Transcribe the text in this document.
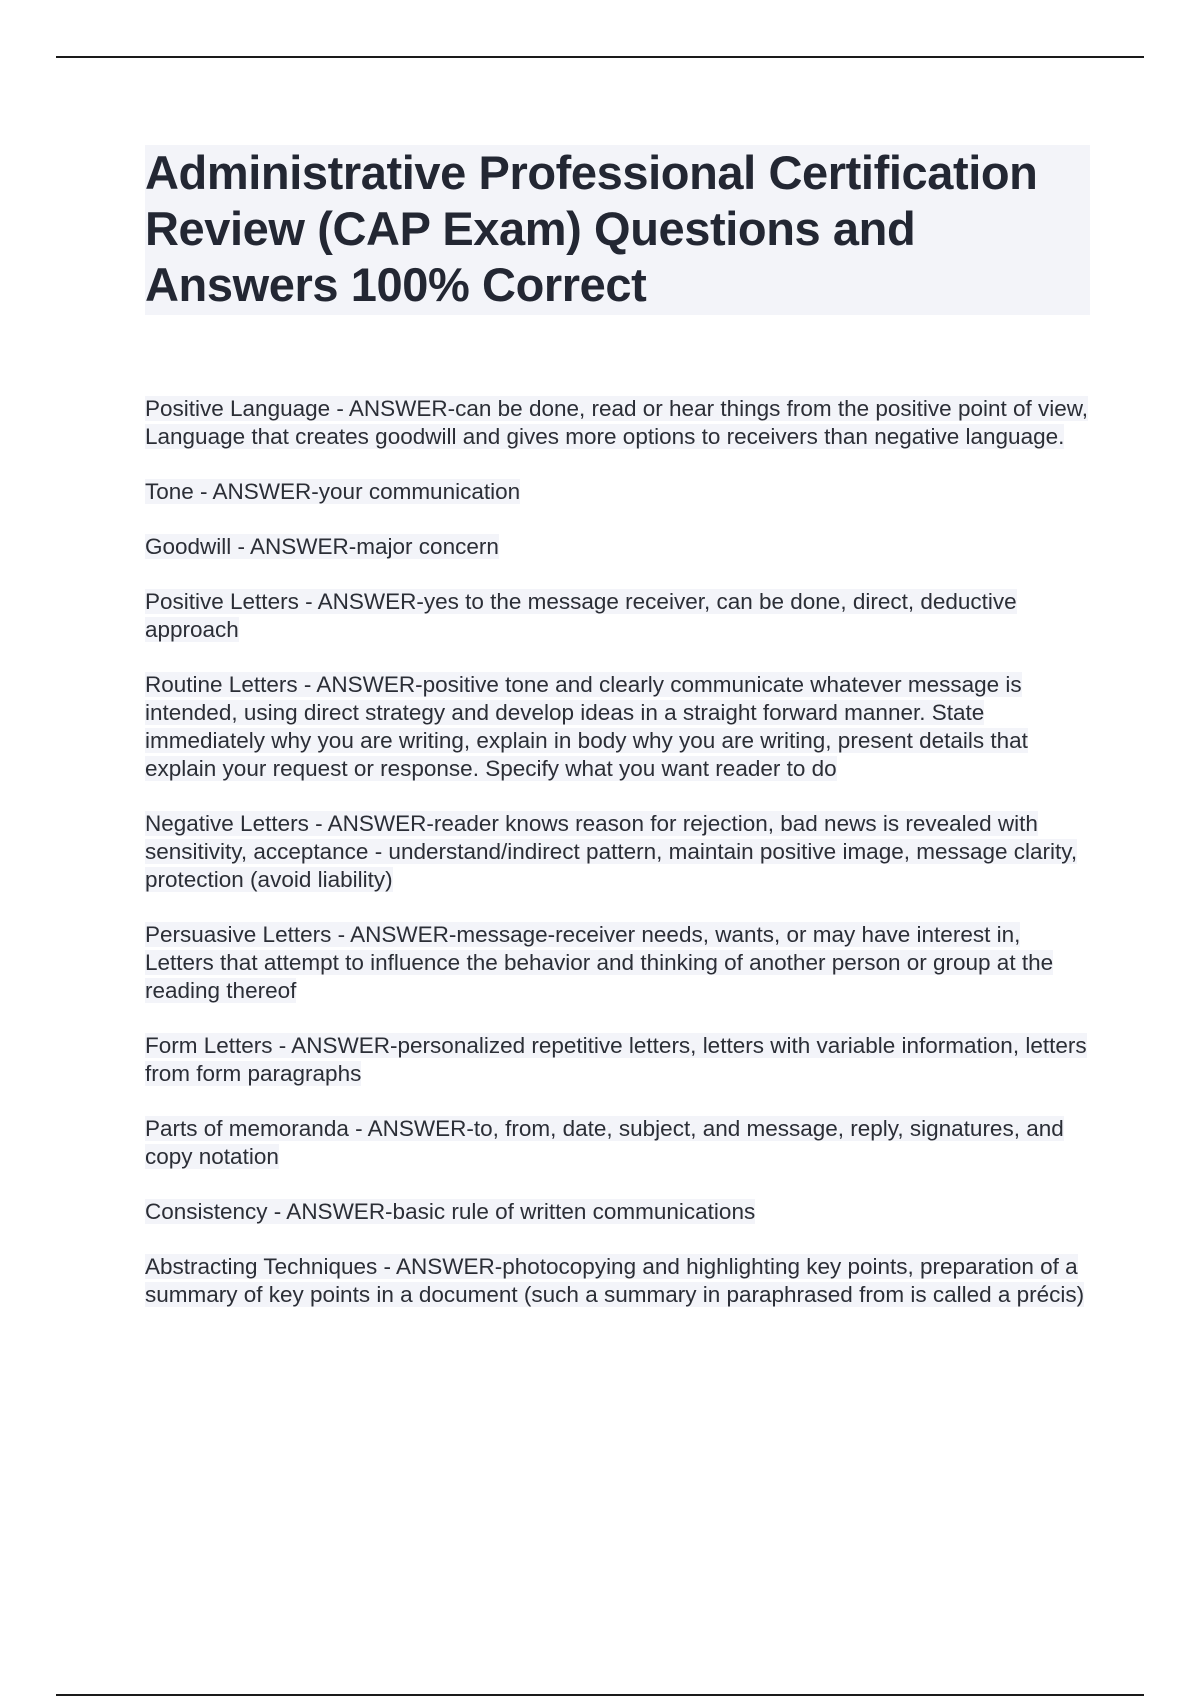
Administrative Professional Certification Review (CAP Exam) Questions and Answers 100% Correct
Positive Language - ANSWER-can be done, read or hear things from the positive point of view, Language that creates goodwill and gives more options to receivers than negative language.
Tone - ANSWER-your communication
Goodwill - ANSWER-major concern
Positive Letters - ANSWER-yes to the message receiver, can be done, direct, deductive approach
Routine Letters - ANSWER-positive tone and clearly communicate whatever message is intended, using direct strategy and develop ideas in a straight forward manner. State immediately why you are writing, explain in body why you are writing, present details that explain your request or response. Specify what you want reader to do
Negative Letters - ANSWER-reader knows reason for rejection, bad news is revealed with sensitivity, acceptance - understand/indirect pattern, maintain positive image, message clarity, protection (avoid liability)
Persuasive Letters - ANSWER-message-receiver needs, wants, or may have interest in, Letters that attempt to influence the behavior and thinking of another person or group at the reading thereof
Form Letters - ANSWER-personalized repetitive letters, letters with variable information, letters from form paragraphs
Parts of memoranda - ANSWER-to, from, date, subject, and message, reply, signatures, and copy notation
Consistency - ANSWER-basic rule of written communications
Abstracting Techniques - ANSWER-photocopying and highlighting key points, preparation of a summary of key points in a document (such a summary in paraphrased from is called a précis)
